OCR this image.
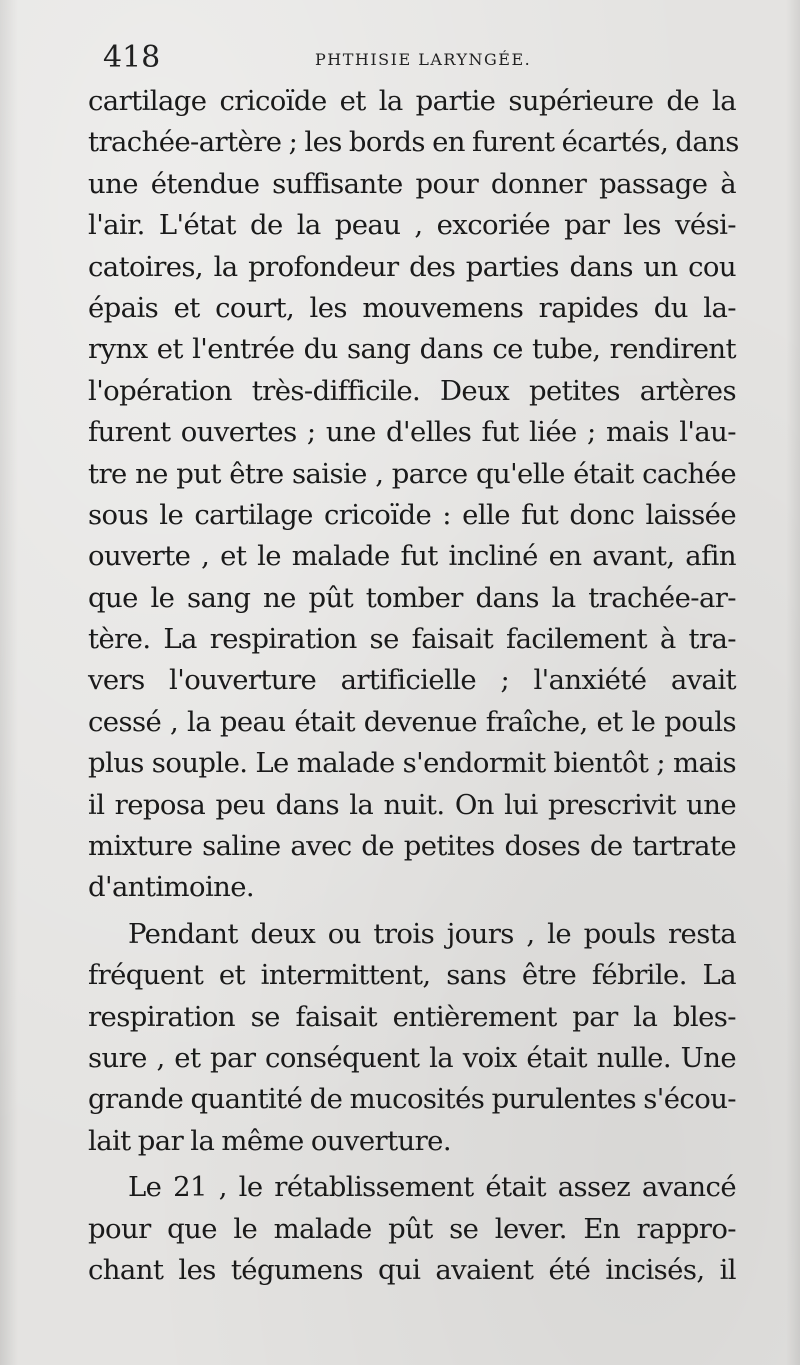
418	PHTHISIE LARYNGÉE.
cartilage cricoïde et la partie supérieure de la
trachée-artère ; les bords en furent écartés, dans
une étendue suffisante pour donner passage à
l'air. L'état de la peau , excoriée par les vési-
catoires, la profondeur des parties dans un cou
épais et court, les mouvemens rapides du la-
rynx et l'entrée du sang dans ce tube, rendirent
l'opération très-difficile. Deux petites artères
furent ouvertes ; une d'elles fut liée ; mais l'au-
tre ne put être saisie , parce qu'elle était cachée
sous le cartilage cricoïde : elle fut donc laissée
ouverte , et le malade fut incliné en avant, afin
que le sang ne pût tomber dans la trachée-ar-
tère. La respiration se faisait facilement à tra-
vers l'ouverture artificielle ; l'anxiété avait
cessé , la peau était devenue fraîche, et le pouls
plus souple. Le malade s'endormit bientôt ; mais
il reposa peu dans la nuit. On lui prescrivit une
mixture saline avec de petites doses de tartrate
d'antimoine.
Pendant deux ou trois jours , le pouls resta
fréquent et intermittent, sans être fébrile. La
respiration se faisait entièrement par la bles-
sure , et par conséquent la voix était nulle. Une
grande quantité de mucosités purulentes s'écou-
lait par la même ouverture.
Le 21 , le rétablissement était assez avancé
pour que le malade pût se lever. En rappro-
chant les tégumens qui avaient été incisés, il
